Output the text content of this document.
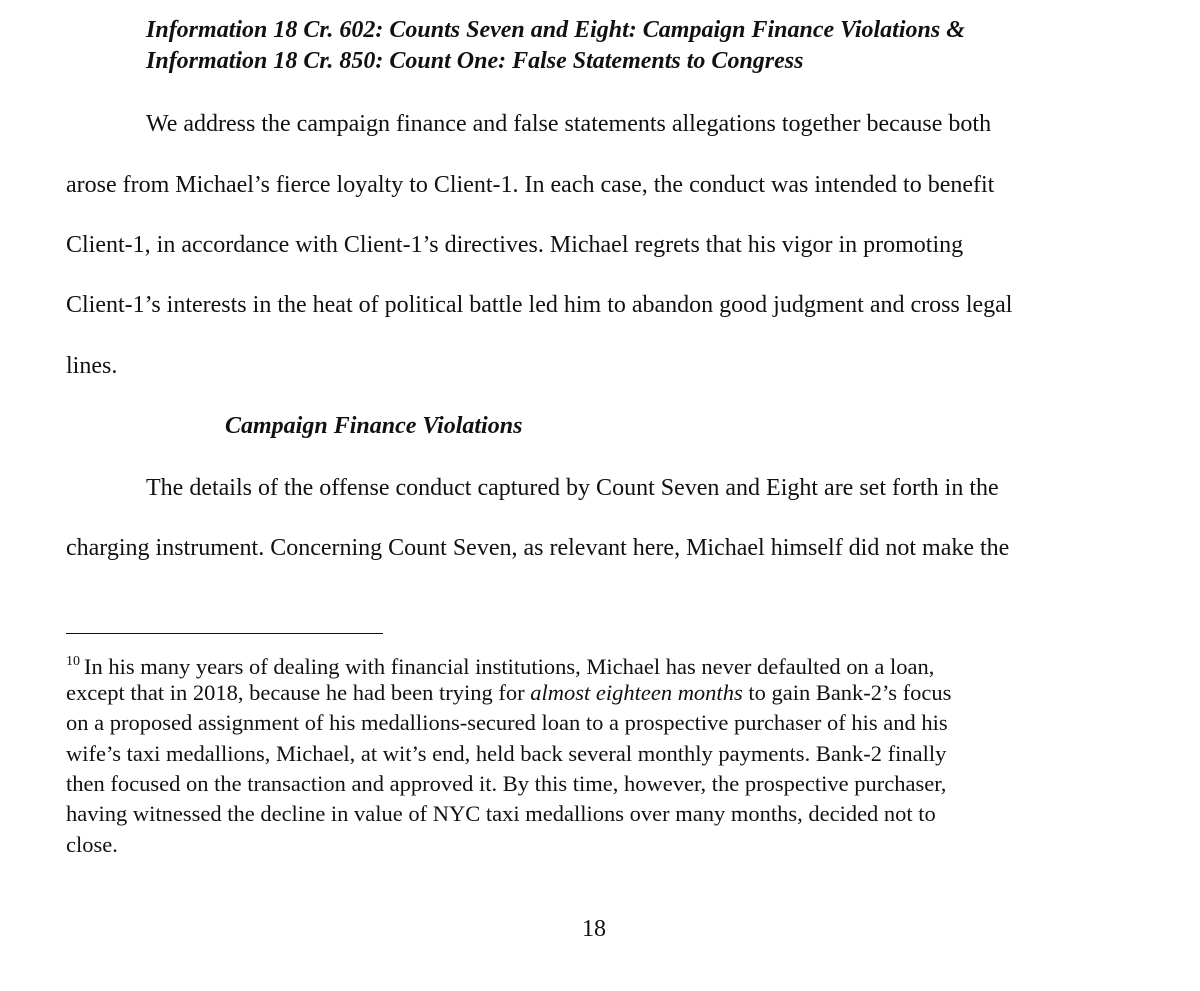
Information 18 Cr. 602: Counts Seven and Eight: Campaign Finance Violations &
Information 18 Cr. 850: Count One: False Statements to Congress
We address the campaign finance and false statements allegations together because both
arose from Michael’s fierce loyalty to Client-1. In each case, the conduct was intended to benefit
Client-1, in accordance with Client-1’s directives. Michael regrets that his vigor in promoting
Client-1’s interests in the heat of political battle led him to abandon good judgment and cross legal
lines.
Campaign Finance Violations
The details of the offense conduct captured by Count Seven and Eight are set forth in the
charging instrument. Concerning Count Seven, as relevant here, Michael himself did not make the
$^{10}$ In his many years of dealing with financial institutions, Michael has never defaulted on a loan,
except that in 2018, because he had been trying for almost eighteen months to gain Bank-2’s focus
on a proposed assignment of his medallions-secured loan to a prospective purchaser of his and his
wife’s taxi medallions, Michael, at wit’s end, held back several monthly payments. Bank-2 finally
then focused on the transaction and approved it. By this time, however, the prospective purchaser,
having witnessed the decline in value of NYC taxi medallions over many months, decided not to
close.
18
